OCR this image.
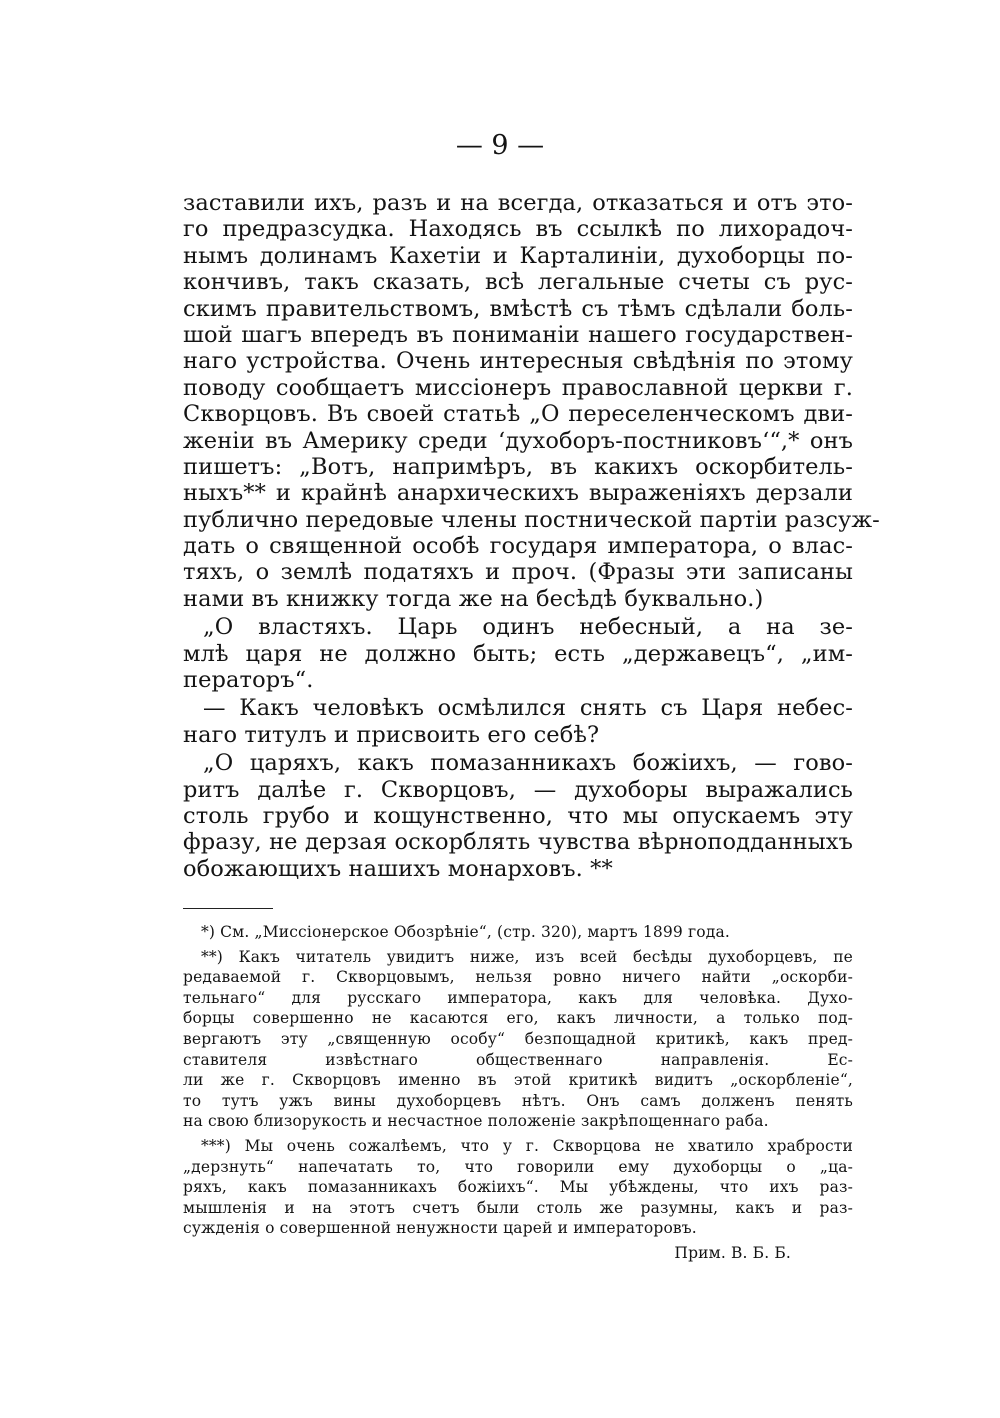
— 9 —
заставили ихъ, разъ и на всегда, отказаться и отъ это-
го предразсудка. Находясь въ ссылкѣ по лихорадоч-
нымъ долинамъ Кахетіи и Карталиніи, духоборцы по-
кончивъ, такъ сказать, всѣ легальные счеты съ рус-
скимъ правительствомъ, вмѣстѣ съ тѣмъ сдѣлали боль-
шой шагъ впередъ въ пониманіи нашего государствен-
наго устройства. Очень интересныя свѣдѣнія по этому
поводу сообщаетъ миссіонеръ православной церкви г.
Скворцовъ. Въ своей статьѣ „О переселенческомъ дви-
женіи въ Америку среди ‘духоборъ-постниковъ‘“,* онъ
пишетъ: „Вотъ, напримѣръ, въ какихъ оскорбитель-
ныхъ** и крайнѣ анархическихъ выраженіяхъ дерзали
публично передовые члены постнической партіи разсуж-
дать о священной особѣ государя императора, о влас-
тяхъ, о землѣ податяхъ и проч. (Фразы эти записаны
нами въ книжку тогда же на бесѣдѣ буквально.)
„О властяхъ. Царь одинъ небесный, а на зе-
млѣ царя не должно быть; есть „державецъ“, „им-
ператоръ“.
— Какъ человѣкъ осмѣлился снять съ Царя небес-
наго титулъ и присвоить его себѣ?
„О царяхъ, какъ помазанникахъ божіихъ, — гово-
ритъ далѣе г. Скворцовъ, — духоборы выражались
столь грубо и кощунственно, что мы опускаемъ эту
фразу, не дерзая оскорблять чувства вѣрноподданныхъ
обожающихъ нашихъ монарховъ. **
*) См. „Миссіонерское Обозрѣніе“, (стр. 320), мартъ 1899 года.
**) Какъ читатель увидитъ ниже, изъ всей бесѣды духоборцевъ, пе
редаваемой г. Скворцовымъ, нельзя ровно ничего найти „оскорби-
тельнаго“ для русскаго императора, какъ для человѣка. Духо-
борцы совершенно не касаются его, какъ личности, а только под-
вергаютъ эту „священную особу“ безпощадной критикѣ, какъ пред-
ставителя извѣстнаго общественнаго направленія. Ес-
ли же г. Скворцовъ именно въ этой критикѣ видитъ „оскорбленіе“,
то тутъ ужъ вины духоборцевъ нѣтъ. Онъ самъ долженъ пенять
на свою близорукость и несчастное положеніе закрѣпощеннаго раба.
***) Мы очень сожалѣемъ, что у г. Скворцова не хватило храбрости
„дерзнуть“ напечатать то, что говорили ему духоборцы о „ца-
ряхъ, какъ помазанникахъ божіихъ“. Мы убѣждены, что ихъ раз-
мышленія и на этотъ счетъ были столь же разумны, какъ и раз-
сужденія о совершенной ненужности царей и императоровъ.
Прим. В. Б. Б.
